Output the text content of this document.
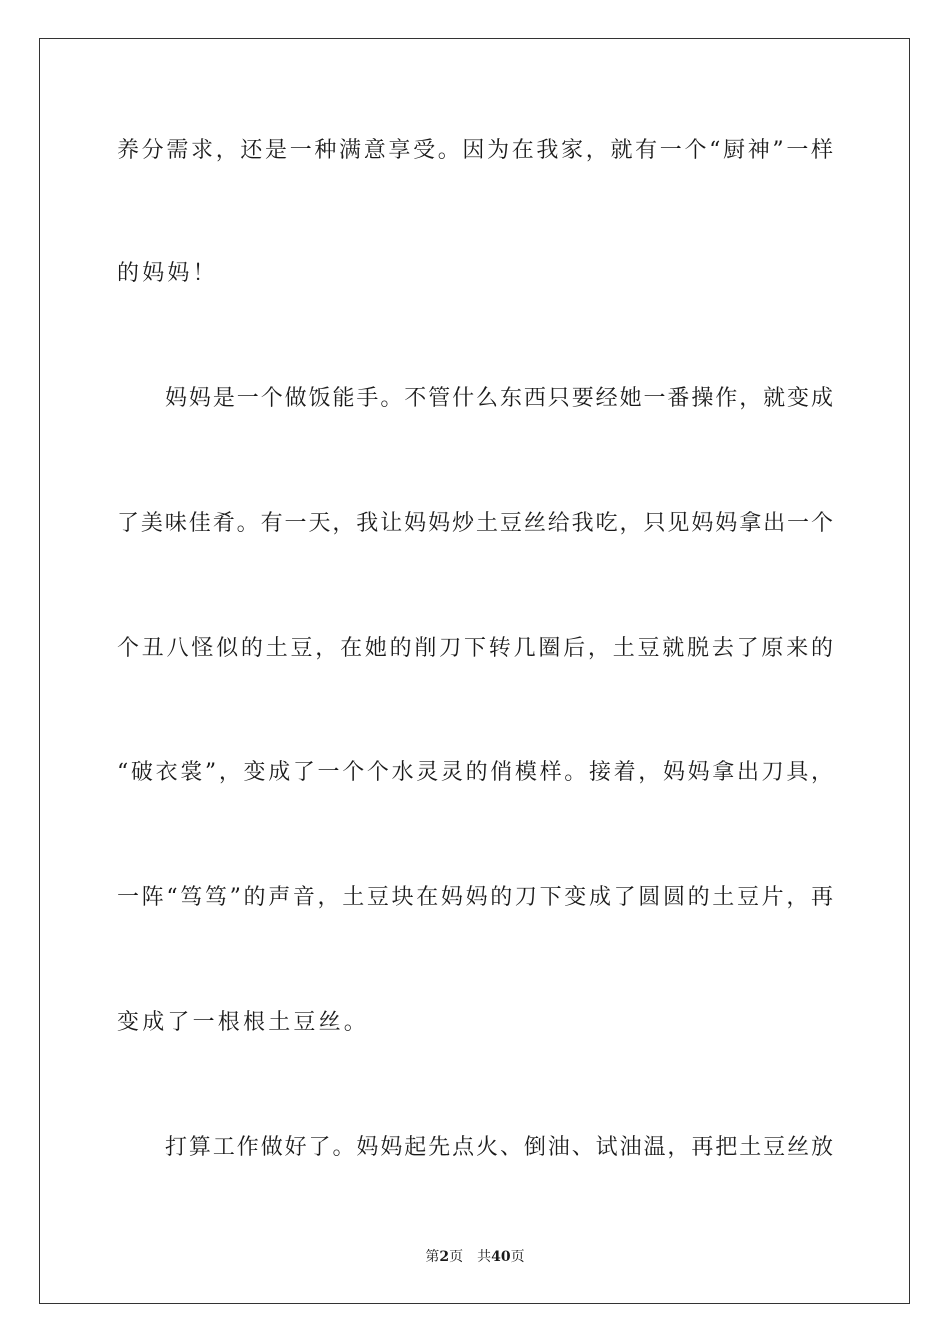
养分需求，还是一种满意享受。因为在我家，就有一个“厨神”一样
的妈妈！
妈妈是一个做饭能手。不管什么东西只要经她一番操作，就变成
了美味佳肴。有一天，我让妈妈炒土豆丝给我吃，只见妈妈拿出一个
个丑八怪似的土豆，在她的削刀下转几圈后，土豆就脱去了原来的
“破衣裳”，变成了一个个水灵灵的俏模样。接着，妈妈拿出刀具，
一阵“笃笃”的声音，土豆块在妈妈的刀下变成了圆圆的土豆片，再
变成了一根根土豆丝。
打算工作做好了。妈妈起先点火、倒油、试油温，再把土豆丝放
第2页 共40页
